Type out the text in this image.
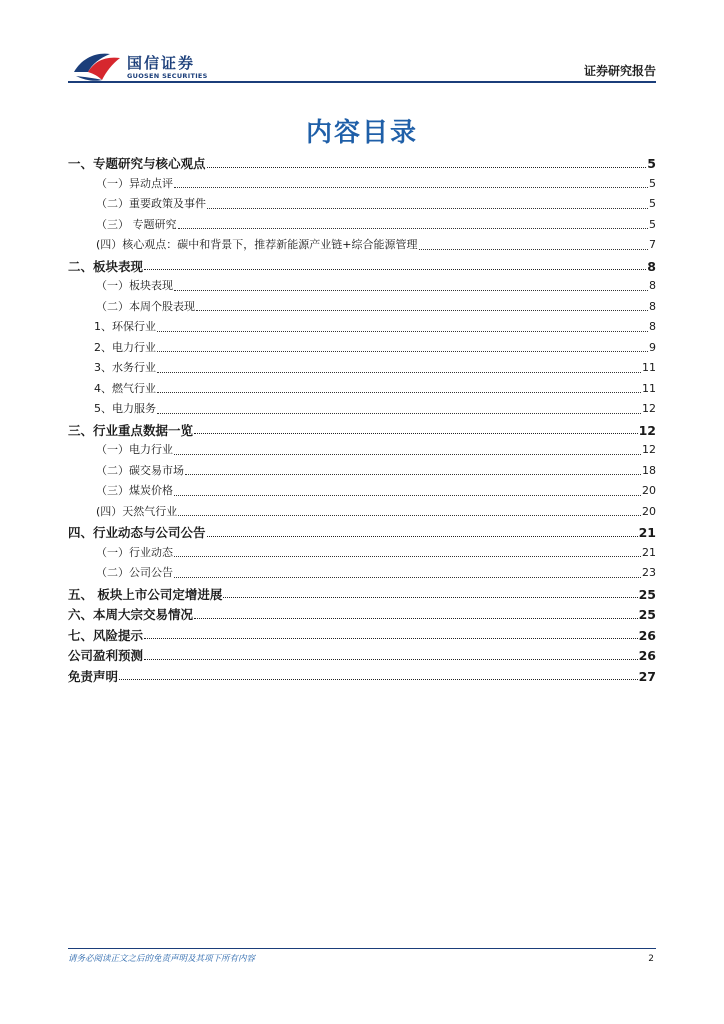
国信证券
GUOSEN SECURITIES	证券研究报告
内容目录
一、专题研究与核心观点	5
（一）异动点评	5
（二）重要政策及事件	5
（三） 专题研究	5
(四）核心观点：碳中和背景下，推荐新能源产业链+综合能源管理	7
二、板块表现	8
（一）板块表现	8
（二）本周个股表现	8
1、环保行业	8
2、电力行业	9
3、水务行业	11
4、燃气行业	11
5、电力服务	12
三、行业重点数据一览	12
（一）电力行业	12
（二）碳交易市场	18
（三）煤炭价格	20
(四）天然气行业	20
四、行业动态与公司公告	21
（一）行业动态	21
（二）公司公告	23
五、 板块上市公司定增进展	25
六、本周大宗交易情况	25
七、风险提示	26
公司盈利预测	26
免责声明	27
请务必阅读正文之后的免责声明及其项下所有内容	2
